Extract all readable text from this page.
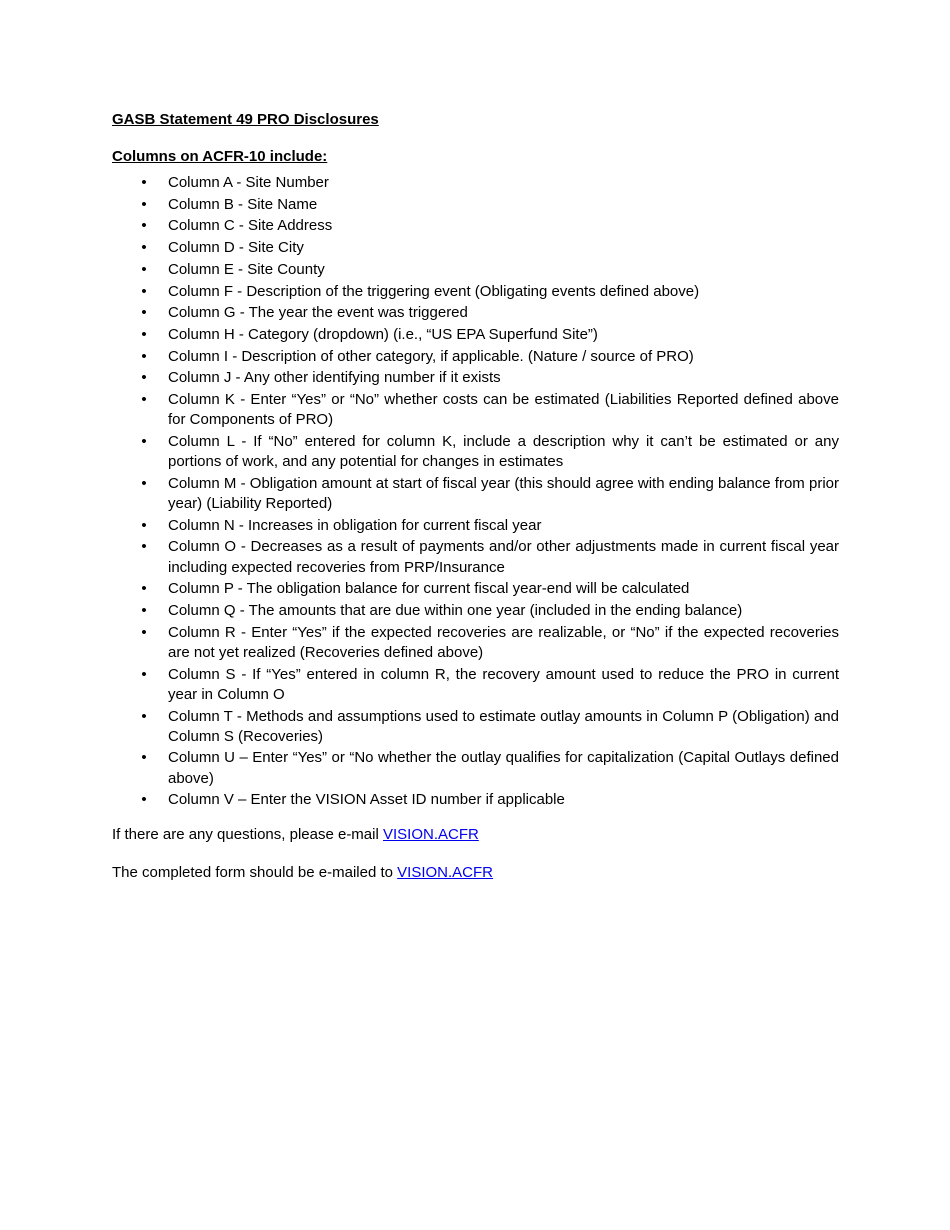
GASB Statement 49 PRO Disclosures

Columns on ACFR-10 include:

• Column A - Site Number
• Column B - Site Name
• Column C - Site Address
• Column D - Site City
• Column E - Site County
• Column F - Description of the triggering event (Obligating events defined above)
• Column G - The year the event was triggered
• Column H - Category (dropdown) (i.e., “US EPA Superfund Site”)
• Column I - Description of other category, if applicable. (Nature / source of PRO)
• Column J - Any other identifying number if it exists
• Column K - Enter “Yes” or “No” whether costs can be estimated (Liabilities Reported defined above for Components of PRO)
• Column L - If “No” entered for column K, include a description why it can’t be estimated or any portions of work, and any potential for changes in estimates
• Column M - Obligation amount at start of fiscal year (this should agree with ending balance from prior year) (Liability Reported)
• Column N - Increases in obligation for current fiscal year
• Column O - Decreases as a result of payments and/or other adjustments made in current fiscal year including expected recoveries from PRP/Insurance
• Column P - The obligation balance for current fiscal year-end will be calculated
• Column Q - The amounts that are due within one year (included in the ending balance)
• Column R - Enter “Yes” if the expected recoveries are realizable, or “No” if the expected recoveries are not yet realized (Recoveries defined above)
• Column S - If “Yes” entered in column R, the recovery amount used to reduce the PRO in current year in Column O
• Column T - Methods and assumptions used to estimate outlay amounts in Column P (Obligation) and Column S (Recoveries)
• Column U – Enter “Yes” or “No whether the outlay qualifies for capitalization (Capital Outlays defined above)
• Column V – Enter the VISION Asset ID number if applicable

If there are any questions, please e-mail VISION.ACFR

The completed form should be e-mailed to VISION.ACFR
